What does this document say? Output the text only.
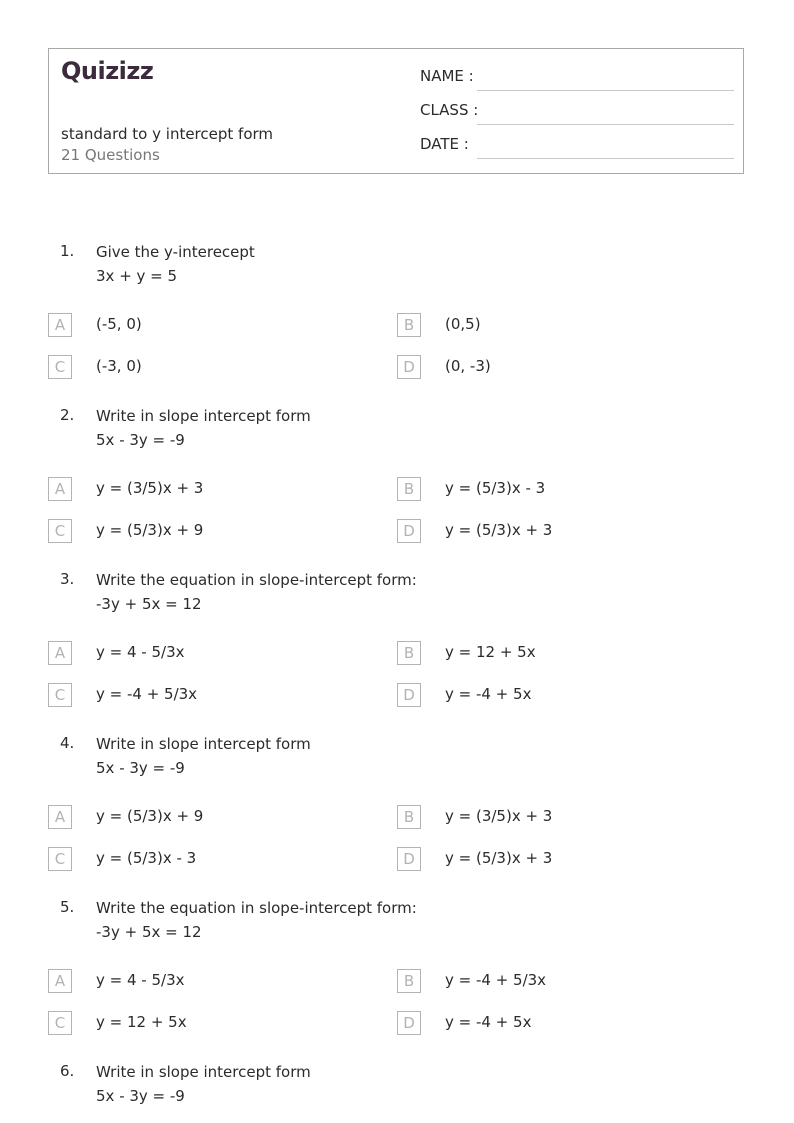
Quizizz
standard to y intercept form
21 Questions
NAME :
CLASS :
DATE :
1. Give the y-interecept
3x + y = 5
A	(-5, 0)	B	(0,5)
C	(-3, 0)	D	(0, -3)
2. Write in slope intercept form
5x - 3y = -9
A	y = (3/5)x + 3	B	y = (5/3)x - 3
C	y = (5/3)x + 9	D	y = (5/3)x + 3
3. Write the equation in slope-intercept form:
-3y + 5x = 12
A	y = 4 - 5/3x	B	y = 12 + 5x
C	y = -4 + 5/3x	D	y = -4 + 5x
4. Write in slope intercept form
5x - 3y = -9
A	y = (5/3)x + 9	B	y = (3/5)x + 3
C	y = (5/3)x - 3	D	y = (5/3)x + 3
5. Write the equation in slope-intercept form:
-3y + 5x = 12
A	y = 4 - 5/3x	B	y = -4 + 5/3x
C	y = 12 + 5x	D	y = -4 + 5x
6. Write in slope intercept form
5x - 3y = -9
